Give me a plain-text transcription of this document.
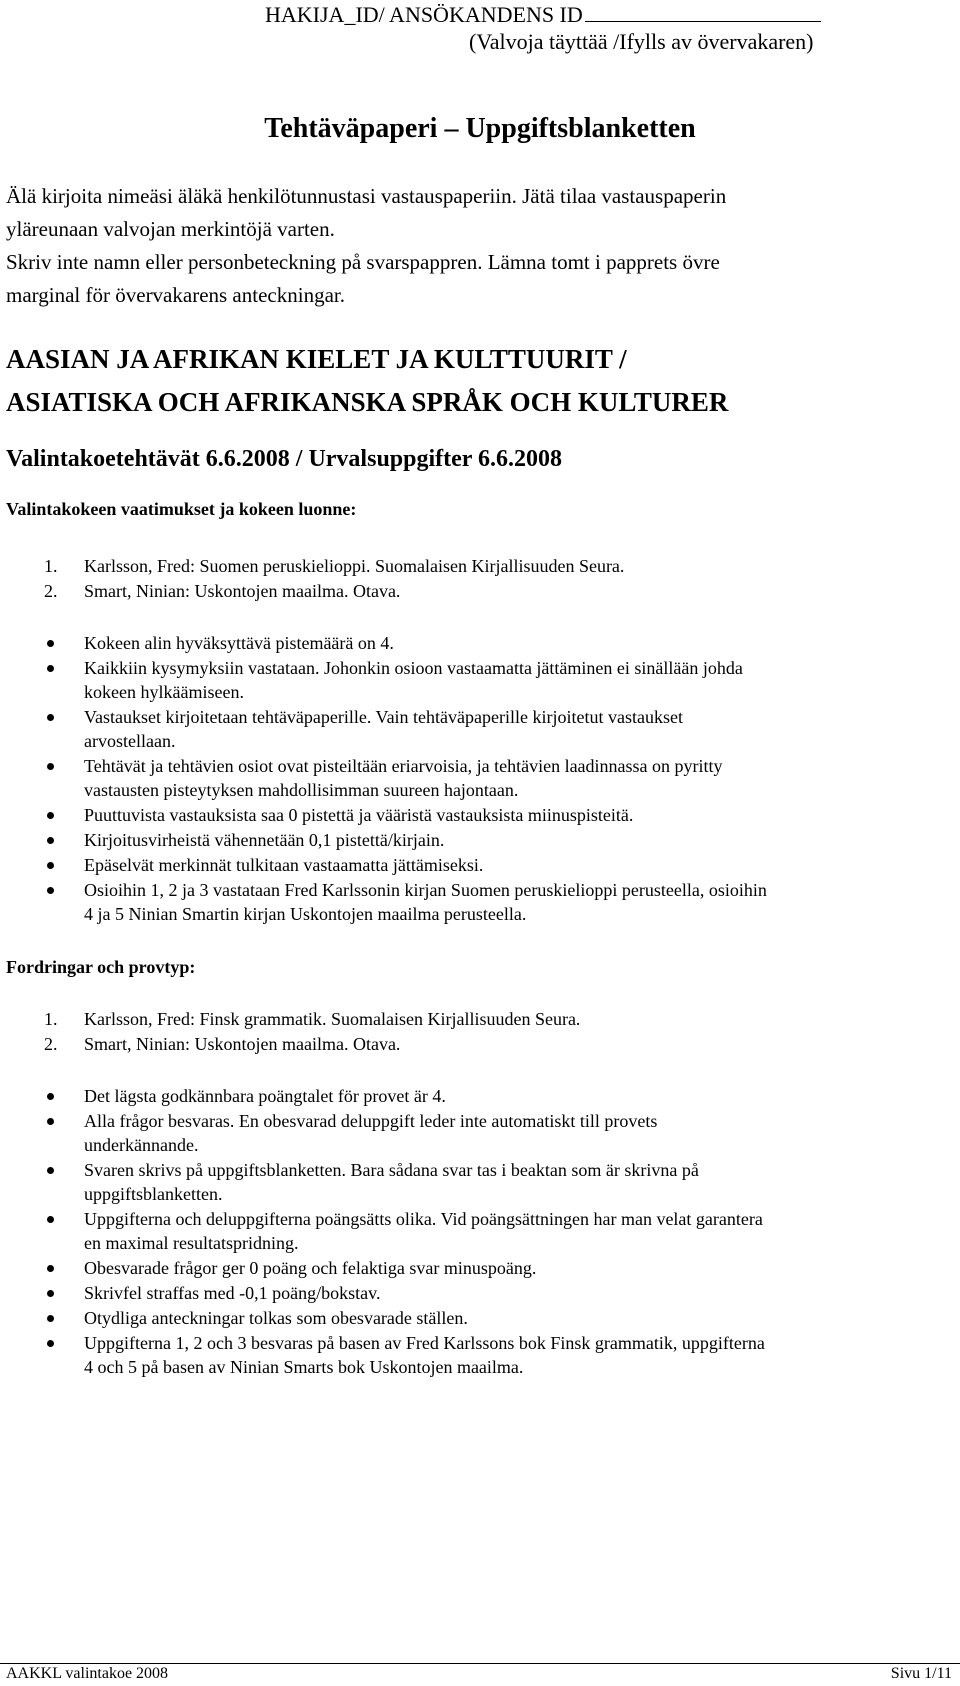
HAKIJA_ID/ ANSÖKANDENS ID
(Valvoja täyttää /Ifylls av övervakaren)
Tehtäväpaperi – Uppgiftsblanketten
Älä kirjoita nimeäsi äläkä henkilötunnustasi vastauspaperiin. Jätä tilaa vastauspaperin
yläreunaan valvojan merkintöjä varten.
Skriv inte namn eller personbeteckning på svarspappren. Lämna tomt i papprets övre
marginal för övervakarens anteckningar.
AASIAN JA AFRIKAN KIELET JA KULTTUURIT /
ASIATISKA OCH AFRIKANSKA SPRÅK OCH KULTURER
Valintakoetehtävät 6.6.2008 / Urvalsuppgifter 6.6.2008
Valintakokeen vaatimukset ja kokeen luonne:
1. Karlsson, Fred: Suomen peruskielioppi. Suomalaisen Kirjallisuuden Seura.
2. Smart, Ninian: Uskontojen maailma. Otava.
Kokeen alin hyväksyttävä pistemäärä on 4.
Kaikkiin kysymyksiin vastataan. Johonkin osioon vastaamatta jättäminen ei sinällään johda
kokeen hylkäämiseen.
Vastaukset kirjoitetaan tehtäväpaperille. Vain tehtäväpaperille kirjoitetut vastaukset
arvostellaan.
Tehtävät ja tehtävien osiot ovat pisteiltään eriarvoisia, ja tehtävien laadinnassa on pyritty
vastausten pisteytyksen mahdollisimman suureen hajontaan.
Puuttuvista vastauksista saa 0 pistettä ja vääristä vastauksista miinuspisteitä.
Kirjoitusvirheistä vähennetään 0,1 pistettä/kirjain.
Epäselvät merkinnät tulkitaan vastaamatta jättämiseksi.
Osioihin 1, 2 ja 3 vastataan Fred Karlssonin kirjan Suomen peruskielioppi perusteella, osioihin
4 ja 5 Ninian Smartin kirjan Uskontojen maailma perusteella.
Fordringar och provtyp:
1. Karlsson, Fred: Finsk grammatik. Suomalaisen Kirjallisuuden Seura.
2. Smart, Ninian: Uskontojen maailma. Otava.
Det lägsta godkännbara poängtalet för provet är 4.
Alla frågor besvaras. En obesvarad deluppgift leder inte automatiskt till provets
underkännande.
Svaren skrivs på uppgiftsblanketten. Bara sådana svar tas i beaktan som är skrivna på
uppgiftsblanketten.
Uppgifterna och deluppgifterna poängsätts olika. Vid poängsättningen har man velat garantera
en maximal resultatspridning.
Obesvarade frågor ger 0 poäng och felaktiga svar minuspoäng.
Skrivfel straffas med -0,1 poäng/bokstav.
Otydliga anteckningar tolkas som obesvarade ställen.
Uppgifterna 1, 2 och 3 besvaras på basen av Fred Karlssons bok Finsk grammatik, uppgifterna
4 och 5 på basen av Ninian Smarts bok Uskontojen maailma.
AAKKL valintakoe 2008	Sivu 1/11
